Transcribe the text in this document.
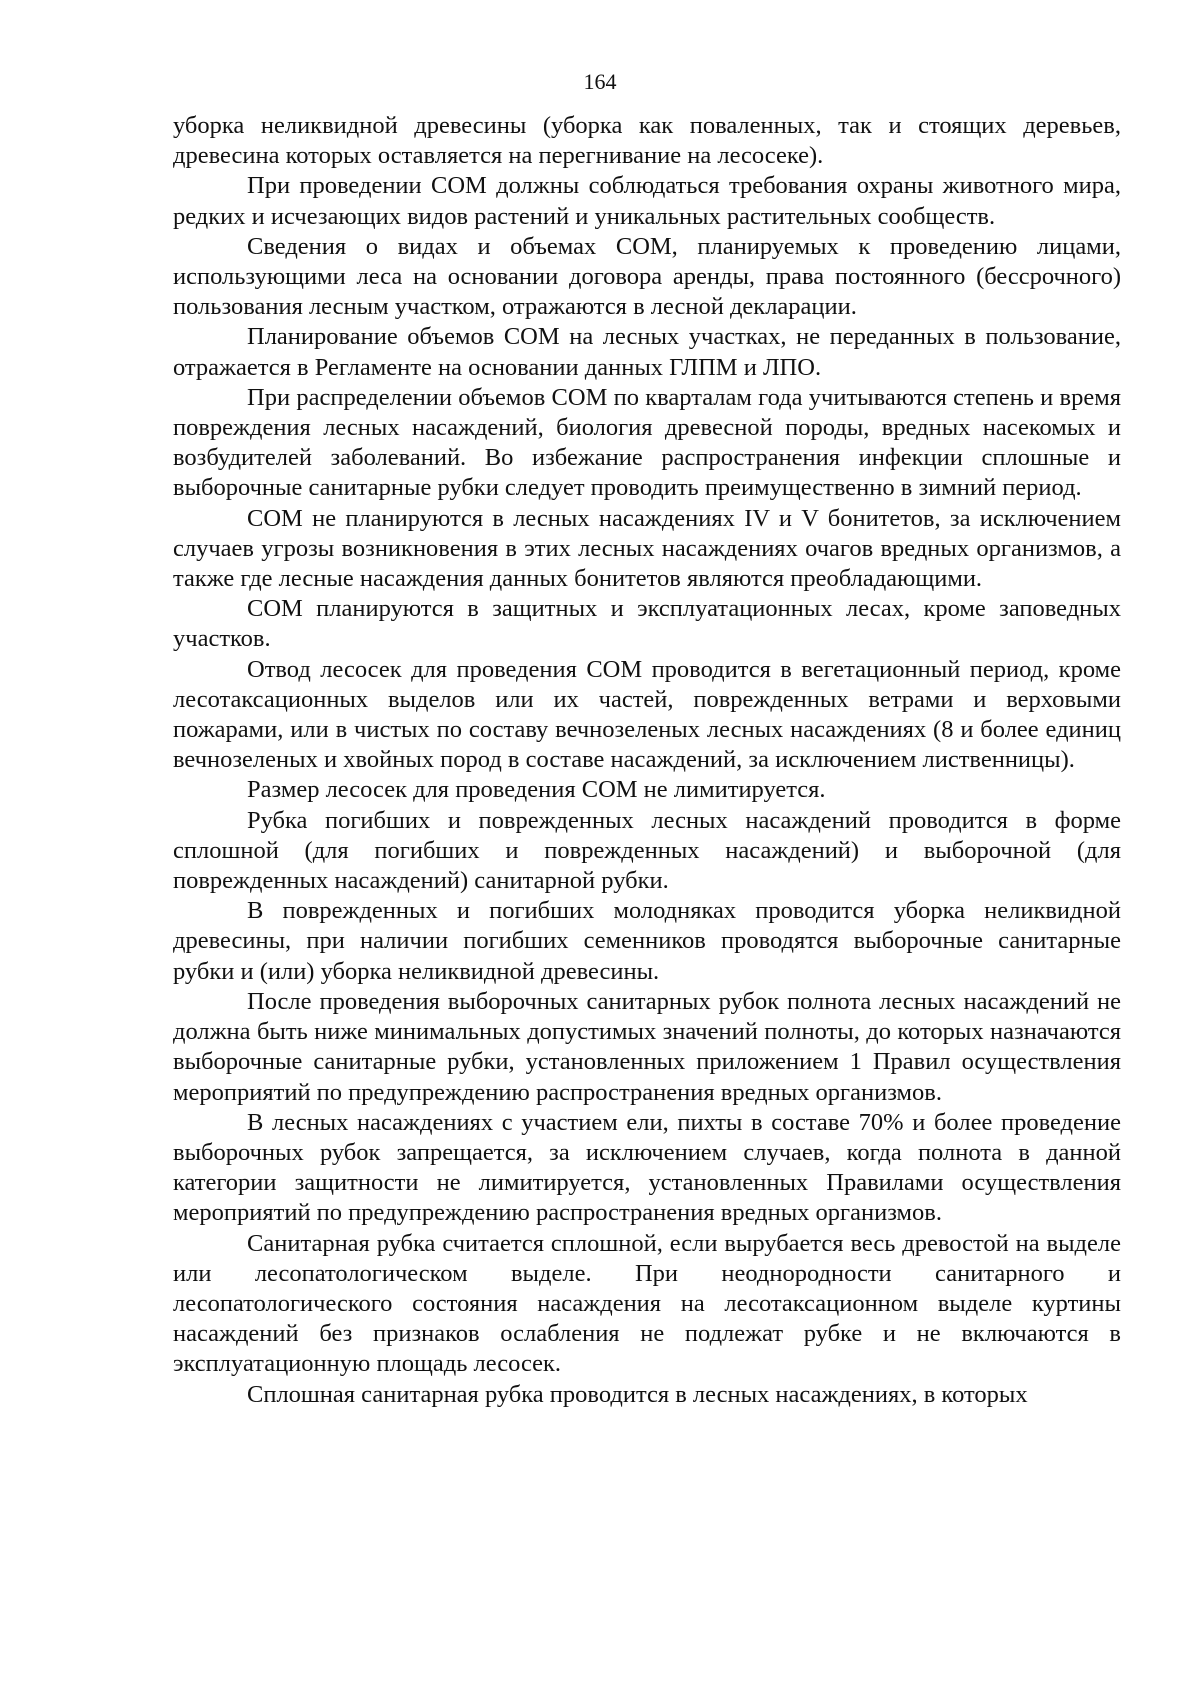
164

уборка неликвидной древесины (уборка как поваленных, так и стоящих деревьев, древесина которых оставляется на перегнивание на лесосеке).

При проведении СОМ должны соблюдаться требования охраны животного мира, редких и исчезающих видов растений и уникальных растительных сообществ.

Сведения о видах и объемах СОМ, планируемых к проведению лицами, использующими леса на основании договора аренды, права постоянного (бессрочного) пользования лесным участком, отражаются в лесной декларации.

Планирование объемов СОМ на лесных участках, не переданных в пользование, отражается в Регламенте на основании данных ГЛПМ и ЛПО.

При распределении объемов СОМ по кварталам года учитываются степень и время повреждения лесных насаждений, биология древесной породы, вредных насекомых и возбудителей заболеваний. Во избежание распространения инфекции сплошные и выборочные санитарные рубки следует проводить преимущественно в зимний период.

СОМ не планируются в лесных насаждениях IV и V бонитетов, за исключением случаев угрозы возникновения в этих лесных насаждениях очагов вредных организмов, а также где лесные насаждения данных бонитетов являются преобладающими.

СОМ планируются в защитных и эксплуатационных лесах, кроме заповедных участков.

Отвод лесосек для проведения СОМ проводится в вегетационный период, кроме лесотаксационных выделов или их частей, поврежденных ветрами и верховыми пожарами, или в чистых по составу вечнозеленых лесных насаждениях (8 и более единиц вечнозеленых и хвойных пород в составе насаждений, за исключением лиственницы).

Размер лесосек для проведения СОМ не лимитируется.

Рубка погибших и поврежденных лесных насаждений проводится в форме сплошной (для погибших и поврежденных насаждений) и выборочной (для поврежденных насаждений) санитарной рубки.

В поврежденных и погибших молодняках проводится уборка неликвидной древесины, при наличии погибших семенников проводятся выборочные санитарные рубки и (или) уборка неликвидной древесины.

После проведения выборочных санитарных рубок полнота лесных насаждений не должна быть ниже минимальных допустимых значений полноты, до которых назначаются выборочные санитарные рубки, установленных приложением 1 Правил осуществления мероприятий по предупреждению распространения вредных организмов.

В лесных насаждениях с участием ели, пихты в составе 70% и более проведение выборочных рубок запрещается, за исключением случаев, когда полнота в данной категории защитности не лимитируется, установленных Правилами осуществления мероприятий по предупреждению распространения вредных организмов.

Санитарная рубка считается сплошной, если вырубается весь древостой на выделе или лесопатологическом выделе. При неоднородности санитарного и лесопатологического состояния насаждения на лесотаксационном выделе куртины насаждений без признаков ослабления не подлежат рубке и не включаются в эксплуатационную площадь лесосек.

Сплошная санитарная рубка проводится в лесных насаждениях, в которых
